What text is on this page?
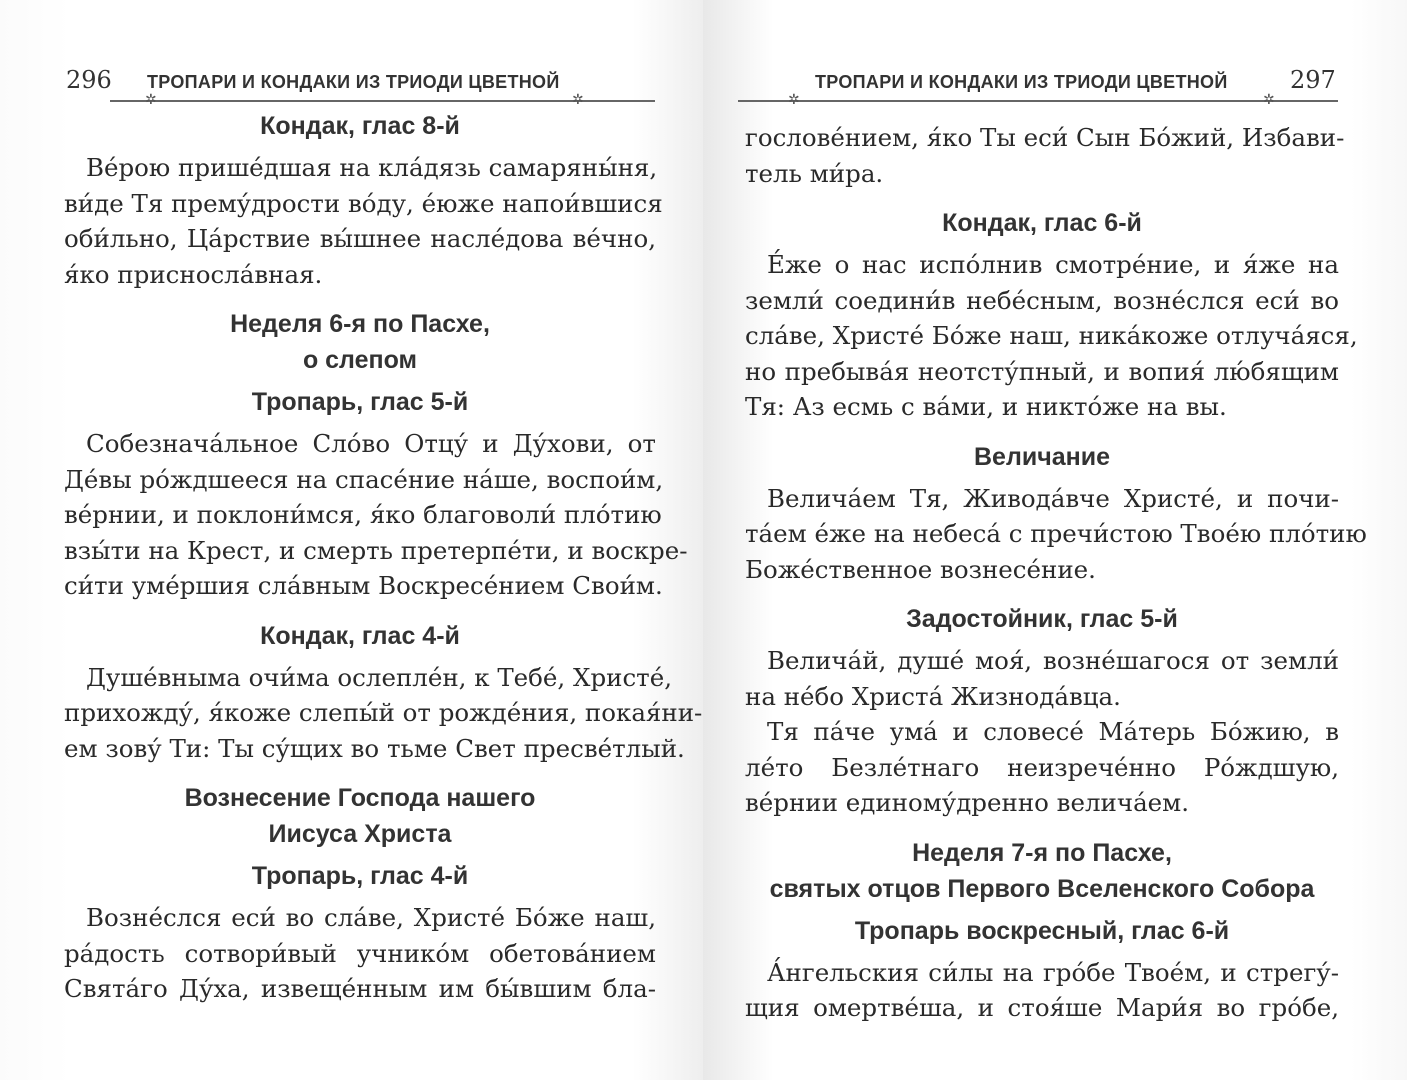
296 ТРОПАРИ И КОНДАКИ ИЗ ТРИОДИ ЦВЕТНОЙ
✲	✲
Кондак, глас 8-й
Ве́рою прише́дшая на кла́дязь самаряны́ня,
ви́де Тя прему́дрости во́ду, е́юже напои́вшися
оби́льно, Ца́рствие вы́шнее насле́дова ве́чно,
я́ко присносла́вная.
Неделя 6-я по Пасхе,
о слепом
Тропарь, глас 5-й
Собезнача́льное Сло́во Отцу́ и Ду́хови, от
Де́вы ро́ждшееся на спасе́ние на́ше, воспои́м,
ве́рнии, и поклони́мся, я́ко благоволи́ пло́тию
взы́ти на Крест, и смерть претерпе́ти, и воскре-
си́ти уме́ршия сла́вным Воскресе́нием Свои́м.
Кондак, глас 4-й
Душе́вныма очи́ма ослепле́н, к Тебе́, Христе́,
прихожду́, я́коже слепы́й от рожде́ния, покая́ни-
ем зову́ Ти: Ты су́щих во тьме Свет пресве́тлый.
Вознесение Господа нашего
Иисуса Христа
Тропарь, глас 4-й
Возне́слся еси́ во сла́ве, Христе́ Бо́же наш,
ра́дость сотвори́вый учнико́м обетова́нием
Свята́го Ду́ха, извеще́нным им бы́вшим бла-
ТРОПАРИ И КОНДАКИ ИЗ ТРИОДИ ЦВЕТНОЙ	297
✲	✲
гослове́нием, я́ко Ты еси́ Сын Бо́жий, Избави-
тель ми́ра.
Кондак, глас 6-й
Е́же о нас испо́лнив смотре́ние, и я́же на
земли́ соедини́в небе́сным, возне́слся еси́ во
сла́ве, Христе́ Бо́же наш, ника́коже отлуча́яся,
но пребыва́я неотсту́пный, и вопия́ лю́бящим
Тя: Аз есмь с ва́ми, и никто́же на вы.
Величание
Велича́ем Тя, Живода́вче Христе́, и почи-
та́ем е́же на небеса́ с пречи́стою Твое́ю пло́тию
Боже́ственное вознесе́ние.
Задостойник, глас 5-й
Велича́й, душе́ моя́, возне́шагося от земли́
на не́бо Христа́ Жизнода́вца.
Тя па́че ума́ и словесе́ Ма́терь Бо́жию, в
ле́то Безле́тнаго неизрече́нно Ро́ждшую,
ве́рнии единому́дренно велича́ем.
Неделя 7-я по Пасхе,
святых отцов Первого Вселенского Собора
Тропарь воскресный, глас 6-й
А́нгельския си́лы на гро́бе Твое́м, и стрегу́-
щия омертве́ша, и стоя́ше Мари́я во гро́бе,
